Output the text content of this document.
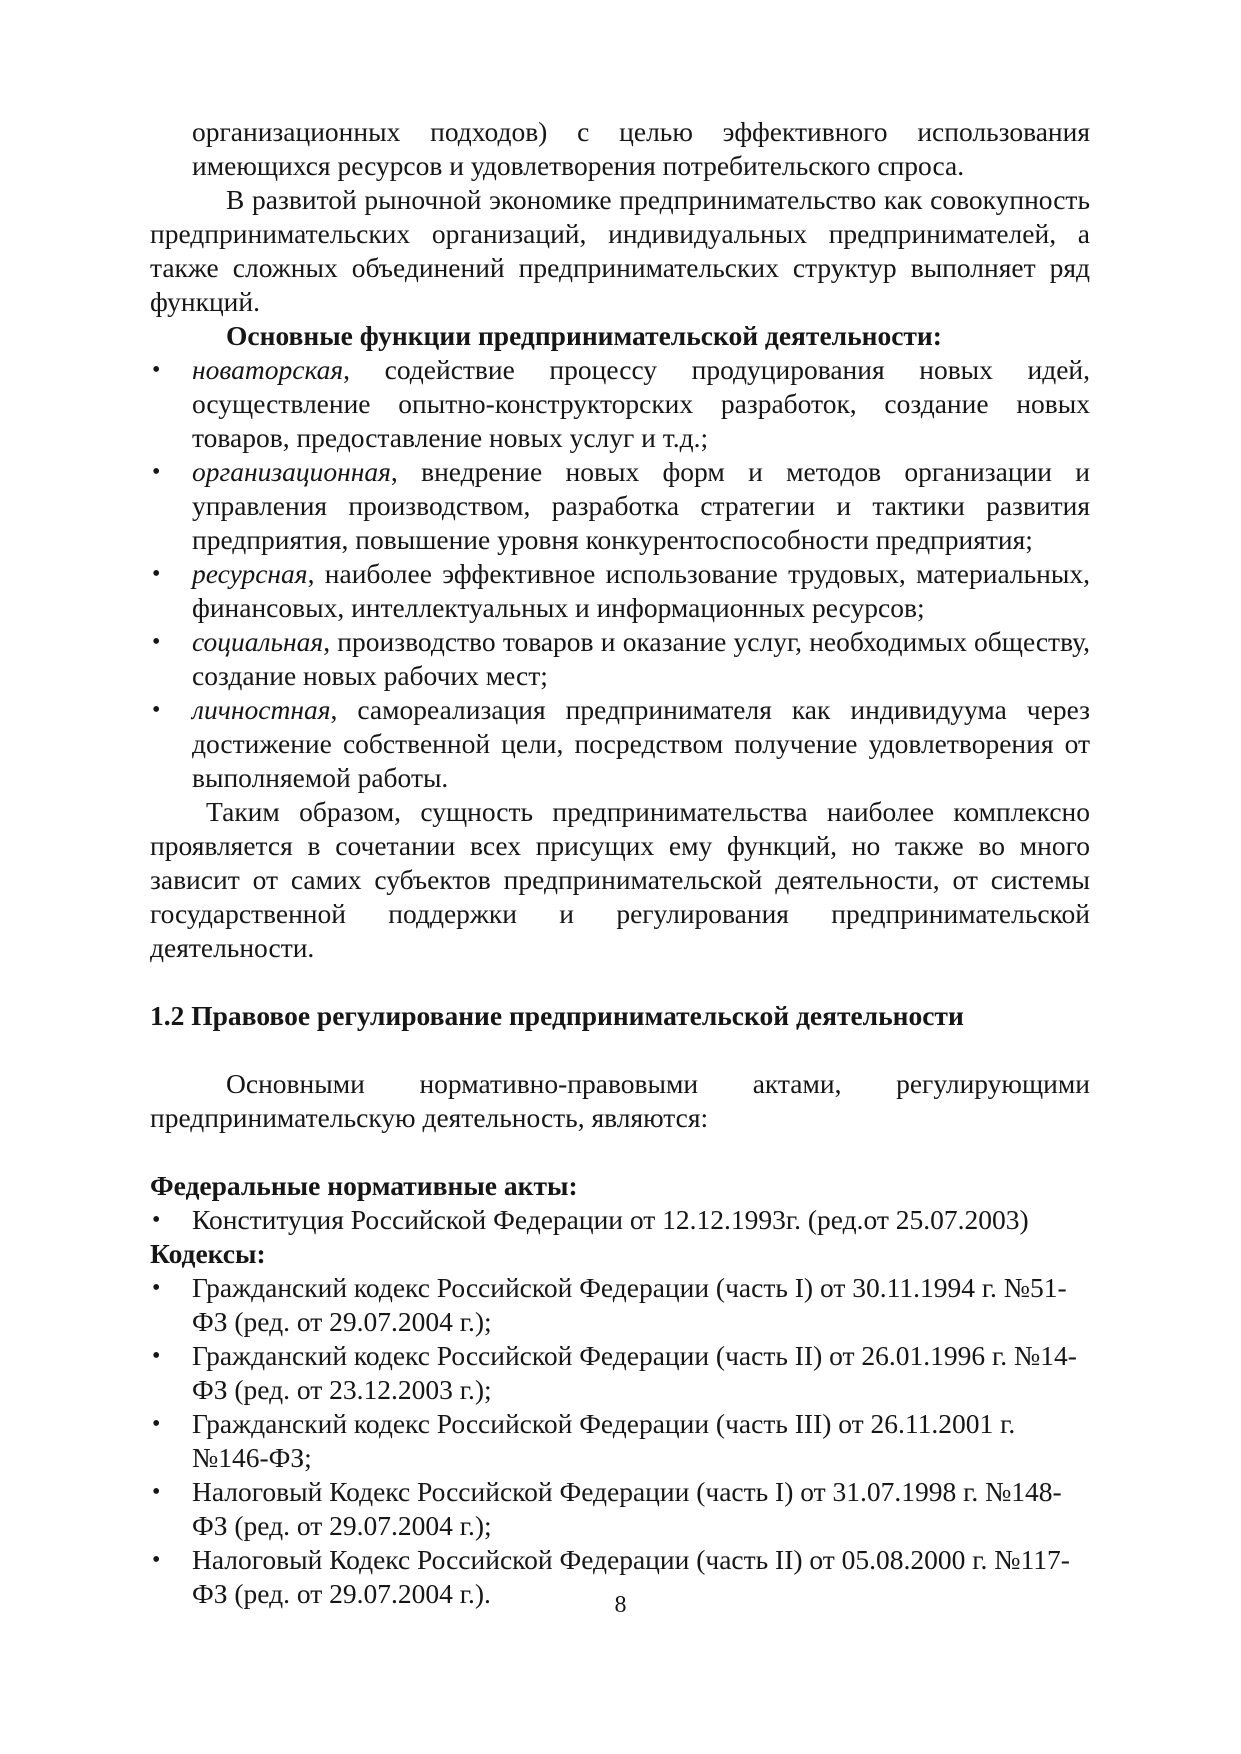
организационных подходов) с целью эффективного использования имеющихся ресурсов и удовлетворения потребительского спроса.

В развитой рыночной экономике предпринимательство как совокупность предпринимательских организаций, индивидуальных предпринимателей, а также сложных объединений предпринимательских структур выполняет ряд функций.

Основные функции предпринимательской деятельности:

• новаторская, содействие процессу продуцирования новых идей, осуществление опытно-конструкторских разработок, создание новых товаров, предоставление новых услуг и т.д.;
• организационная, внедрение новых форм и методов организации и управления производством, разработка стратегии и тактики развития предприятия, повышение уровня конкурентоспособности предприятия;
• ресурсная, наиболее эффективное использование трудовых, материальных, финансовых, интеллектуальных и информационных ресурсов;
• социальная, производство товаров и оказание услуг, необходимых обществу, создание новых рабочих мест;
• личностная, самореализация предпринимателя как индивидуума через достижение собственной цели, посредством получение удовлетворения от выполняемой работы.

Таким образом, сущность предпринимательства наиболее комплексно проявляется в сочетании всех присущих ему функций, но также во много зависит от самих субъектов предпринимательской деятельности, от системы государственной поддержки и регулирования предпринимательской деятельности.

1.2 Правовое регулирование предпринимательской деятельности

Основными нормативно-правовыми актами, регулирующими предпринимательскую деятельность, являются:

Федеральные нормативные акты:

• Конституция Российской Федерации от 12.12.1993г. (ред.от 25.07.2003)

Кодексы:

• Гражданский кодекс Российской Федерации (часть I) от 30.11.1994 г. №51-ФЗ (ред. от 29.07.2004 г.);
• Гражданский кодекс Российской Федерации (часть II) от 26.01.1996 г. №14-ФЗ (ред. от 23.12.2003 г.);
• Гражданский кодекс Российской Федерации (часть III) от 26.11.2001 г. №146-ФЗ;
• Налоговый Кодекс Российской Федерации (часть I) от 31.07.1998 г. №148-ФЗ (ред. от 29.07.2004 г.);
• Налоговый Кодекс Российской Федерации (часть II) от 05.08.2000 г. №117-ФЗ (ред. от 29.07.2004 г.).	8
